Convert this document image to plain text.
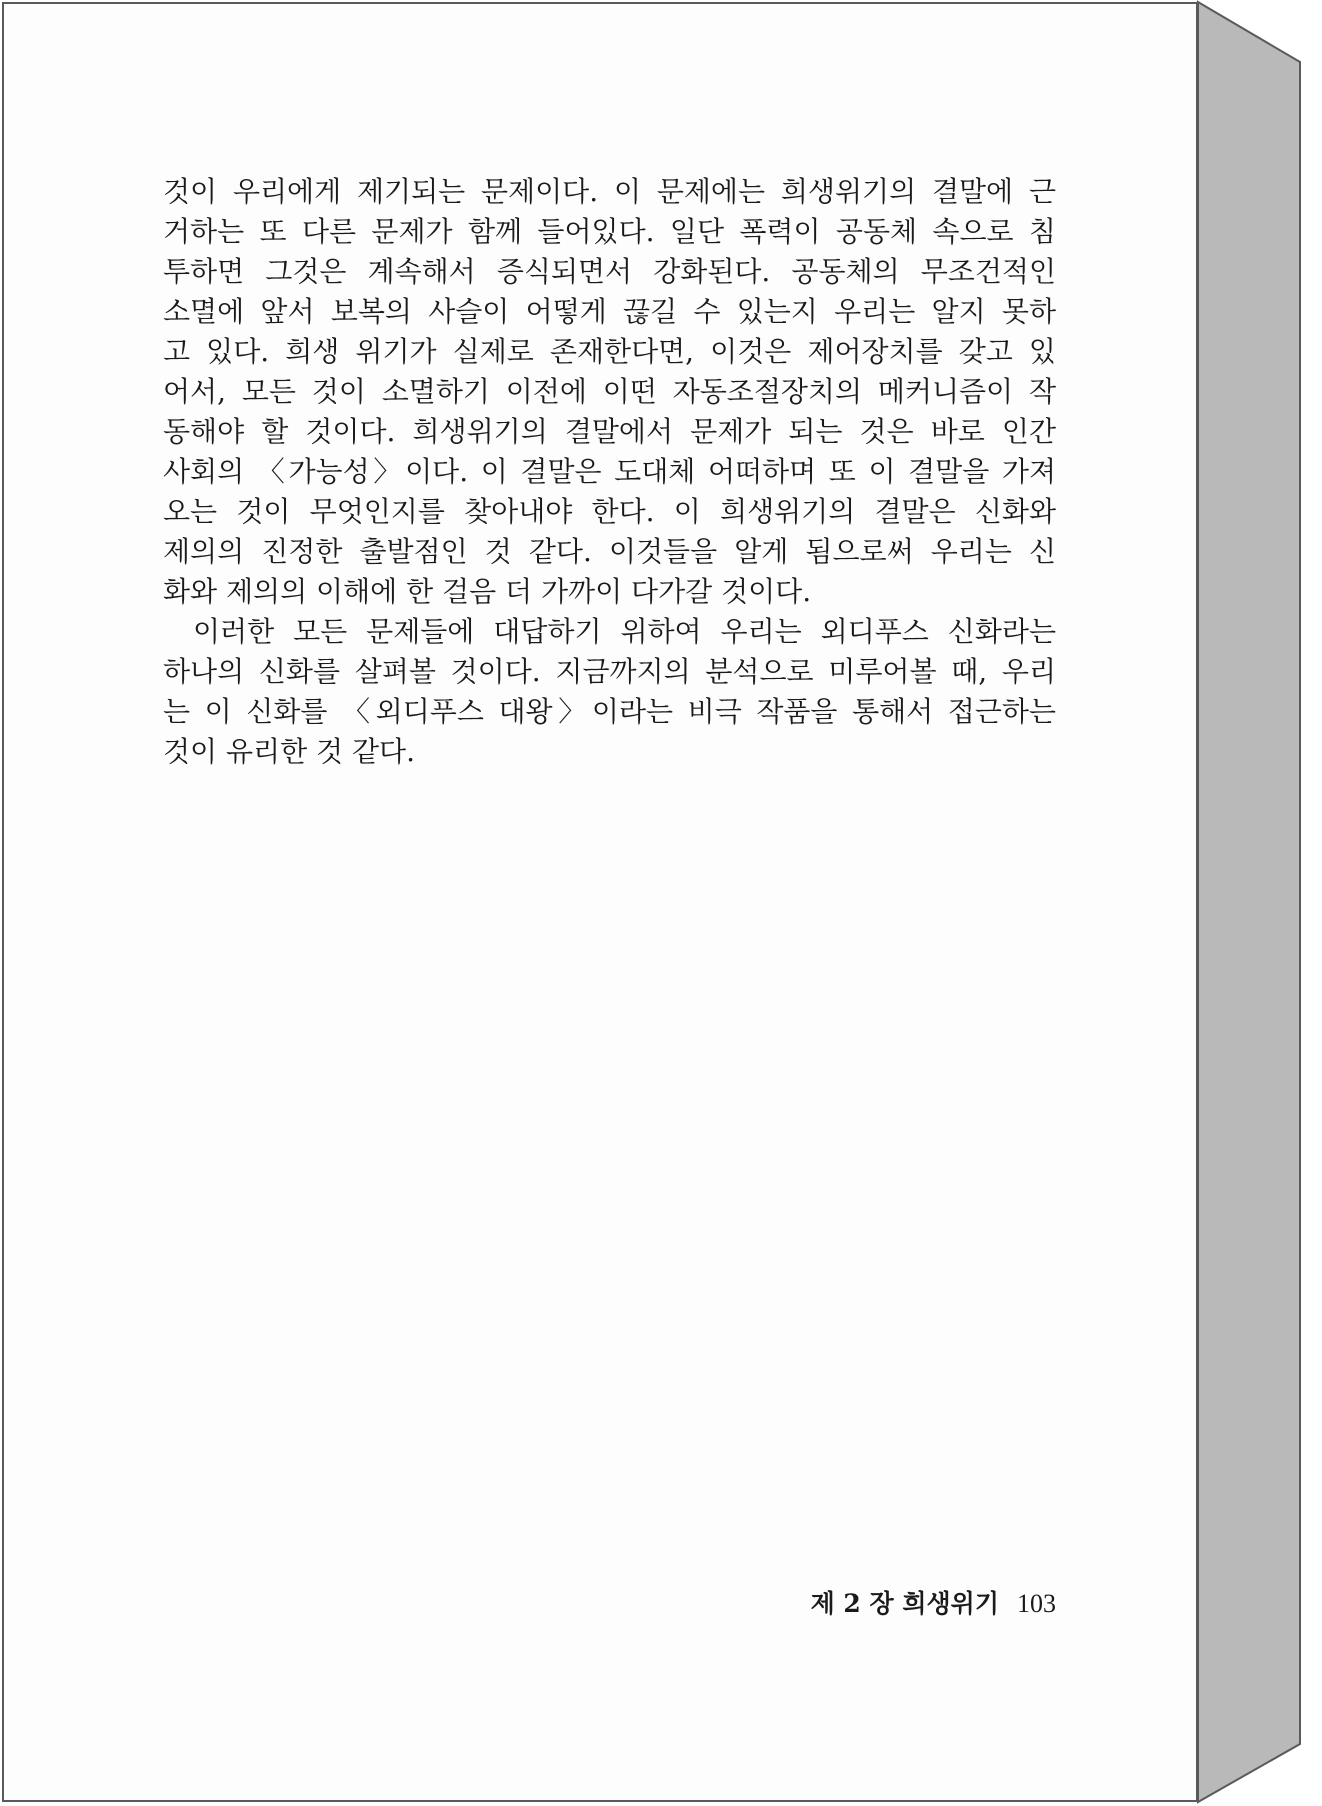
것이 우리에게 제기되는 문제이다. 이 문제에는 희생위기의 결말에 근

거하는 또 다른 문제가 함께 들어있다. 일단 폭력이 공동체 속으로 침

투하면 그것은 계속해서 증식되면서 강화된다. 공동체의 무조건적인

소멸에 앞서 보복의 사슬이 어떻게 끊길 수 있는지 우리는 알지 못하

고 있다. 희생 위기가 실제로 존재한다면, 이것은 제어장치를 갖고 있

어서, 모든 것이 소멸하기 이전에 이떤 자동조절장치의 메커니즘이 작

동해야 할 것이다. 희생위기의 결말에서 문제가 되는 것은 바로 인간

사회의 〈가능성〉이다. 이 결말은 도대체 어떠하며 또 이 결말을 가져

오는 것이 무엇인지를 찾아내야 한다. 이 희생위기의 결말은 신화와

제의의 진정한 출발점인 것 같다. 이것들을 알게 됨으로써 우리는 신

화와 제의의 이해에 한 걸음 더 가까이 다가갈 것이다.

이러한 모든 문제들에 대답하기 위하여 우리는 외디푸스 신화라는

하나의 신화를 살펴볼 것이다. 지금까지의 분석으로 미루어볼 때, 우리

는 이 신화를 〈외디푸스 대왕〉이라는 비극 작품을 통해서 접근하는

것이 유리한 것 같다.

제 2 장 희생위기 103
